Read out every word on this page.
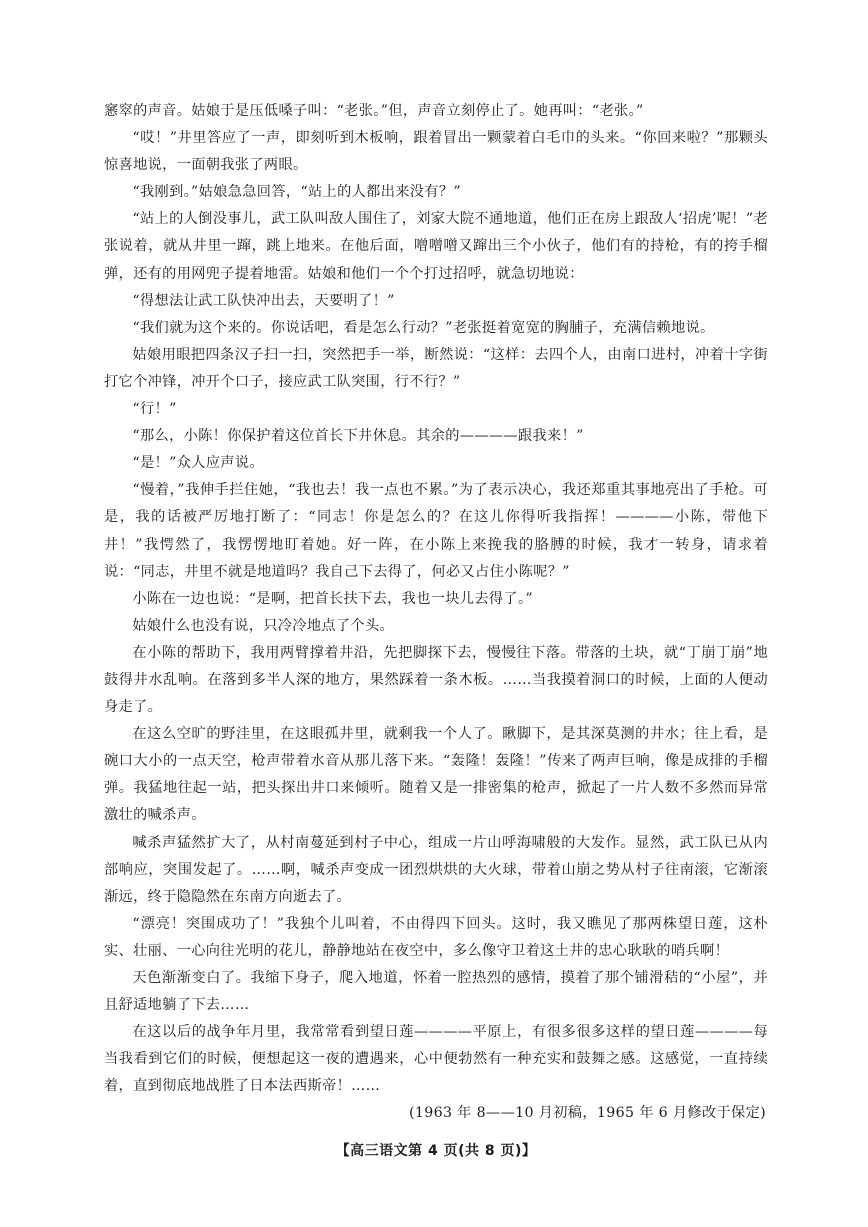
窸窣的声音。姑娘于是压低嗓子叫：“老张。”但，声音立刻停止了。她再叫：“老张。”

“哎！”井里答应了一声，即刻听到木板响，跟着冒出一颗蒙着白毛巾的头来。“你回来啦？”那颗头惊喜地说，一面朝我张了两眼。

“我刚到。”姑娘急急回答，“站上的人都出来没有？”

“站上的人倒没事儿，武工队叫敌人围住了，刘家大院不通地道，他们正在房上跟敌人‘招虎’呢！”老张说着，就从井里一蹿，跳上地来。在他后面，噌噌噌又蹿出三个小伙子，他们有的持枪，有的挎手榴弹，还有的用网兜子提着地雷。姑娘和他们一个个打过招呼，就急切地说：

“得想法让武工队快冲出去，天要明了！”

“我们就为这个来的。你说话吧，看是怎么行动？”老张挺着宽宽的胸脯子，充满信赖地说。

姑娘用眼把四条汉子扫一扫，突然把手一举，断然说：“这样：去四个人，由南口进村，冲着十字街打它个冲锋，冲开个口子，接应武工队突围，行不行？”

“行！”

“那么，小陈！你保护着这位首长下井休息。其余的————跟我来！”

“是！”众人应声说。

“慢着，”我伸手拦住她，“我也去！我一点也不累。”为了表示决心，我还郑重其事地亮出了手枪。可是，我的话被严厉地打断了：“同志！你是怎么的？在这儿你得听我指挥！————小陈，带他下井！”我愕然了，我愣愣地盯着她。好一阵，在小陈上来挽我的胳膊的时候，我才一转身，请求着说：“同志，井里不就是地道吗？我自己下去得了，何必又占住小陈呢？”

小陈在一边也说：“是啊，把首长扶下去，我也一块儿去得了。”

姑娘什么也没有说，只冷冷地点了个头。

在小陈的帮助下，我用两臂撑着井沿，先把脚探下去，慢慢往下落。带落的土块，就“丁崩丁崩”地鼓得井水乱响。在落到多半人深的地方，果然踩着一条木板。……当我摸着洞口的时候，上面的人便动身走了。

在这么空旷的野洼里，在这眼孤井里，就剩我一个人了。瞅脚下，是其深莫测的井水；往上看，是碗口大小的一点天空，枪声带着水音从那儿落下来。“轰隆！轰隆！”传来了两声巨响，像是成排的手榴弹。我猛地往起一站，把头探出井口来倾听。随着又是一排密集的枪声，掀起了一片人数不多然而异常激壮的喊杀声。

喊杀声猛然扩大了，从村南蔓延到村子中心，组成一片山呼海啸般的大发作。显然，武工队已从内部响应，突围发起了。……啊，喊杀声变成一团烈烘烘的大火球，带着山崩之势从村子往南滚，它渐滚渐远，终于隐隐然在东南方向逝去了。

“漂亮！突围成功了！”我独个儿叫着，不由得四下回头。这时，我又瞧见了那两株望日莲，这朴实、壮丽、一心向往光明的花儿，静静地站在夜空中，多么像守卫着这土井的忠心耿耿的哨兵啊！

天色渐渐变白了。我缩下身子，爬入地道，怀着一腔热烈的感情，摸着了那个铺滑秸的“小屋”，并且舒适地躺了下去……

在这以后的战争年月里，我常常看到望日莲————平原上，有很多很多这样的望日莲————每当我看到它们的时候，便想起这一夜的遭遇来，心中便勃然有一种充实和鼓舞之感。这感觉，一直持续着，直到彻底地战胜了日本法西斯帝！……

(1963 年 8——10 月初稿，1965 年 6 月修改于保定)

【高三语文第 4 页(共 8 页)】
